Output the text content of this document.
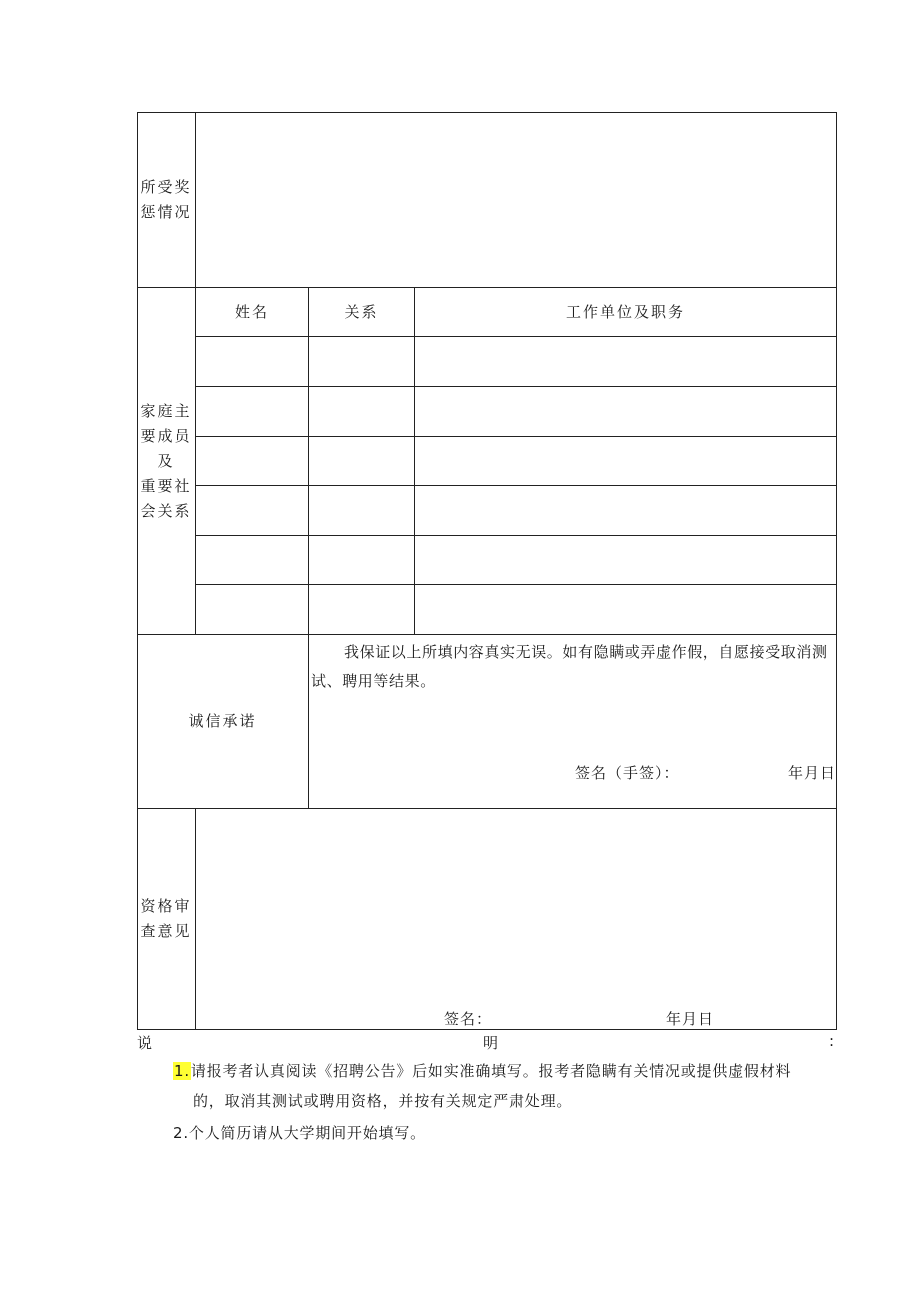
所受奖
惩情况
家庭主
要成员
及
重要社
会关系
姓名	关系	工作单位及职务
诚信承诺
我保证以上所填内容真实无误。如有隐瞒或弄虚作假，自愿接受取消测试、聘用等结果。
签名（手签）：	年月日
资格审
查意见
签名：	年月日
说	明	:
1.请报考者认真阅读《招聘公告》后如实准确填写。报考者隐瞒有关情况或提供虚假材料
的，取消其测试或聘用资格，并按有关规定严肃处理。
2.个人简历请从大学期间开始填写。
